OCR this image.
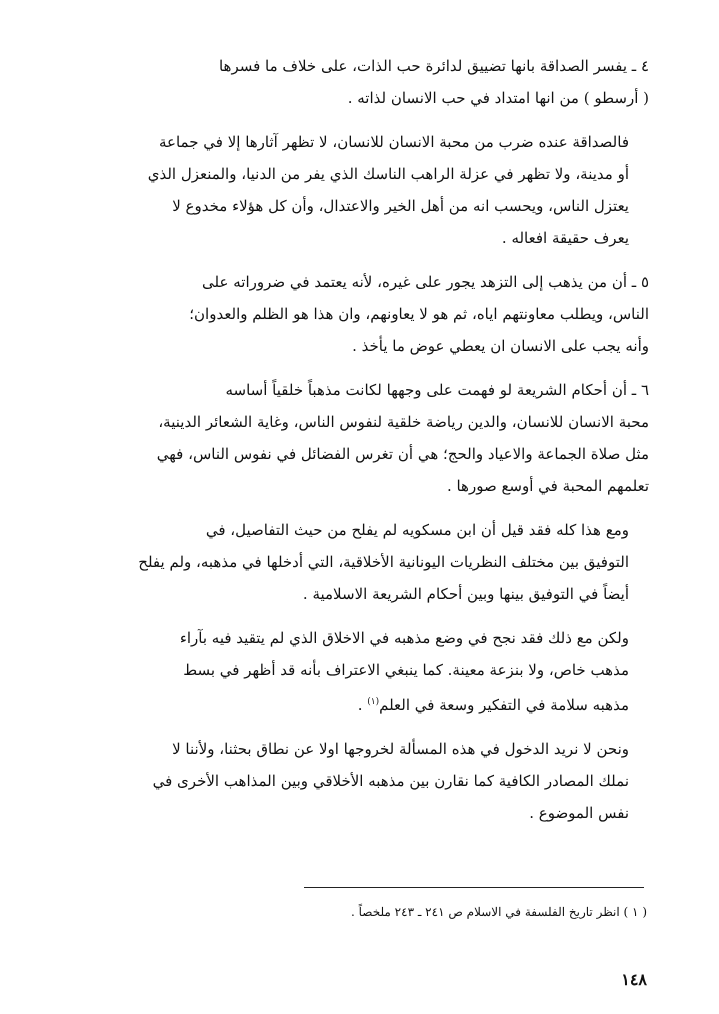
٤ ـ يفسر الصداقة بانها تضييق لدائرة حب الذات، على خلاف ما فسرها
( أرسطو ) من انها امتداد في حب الانسان لذاته .

فالصداقة عنده ضرب من محبة الانسان للانسان، لا تظهر آثارها إلا في جماعة
أو مدينة، ولا تظهر في عزلة الراهب الناسك الذي يفر من الدنيا، والمنعزل الذي
يعتزل الناس، ويحسب انه من أهل الخير والاعتدال، وأن كل هؤلاء مخدوع لا
يعرف حقيقة افعاله .

٥ ـ أن من يذهب إلى التزهد يجور على غيره، لأنه يعتمد في ضروراته على
الناس، ويطلب معاونتهم اياه، ثم هو لا يعاونهم، وان هذا هو الظلم والعدوان؛
وأنه يجب على الانسان ان يعطي عوض ما يأخذ .

٦ ـ أن أحكام الشريعة لو فهمت على وجهها لكانت مذهباً خلقياً أساسه
محبة الانسان للانسان، والدين رياضة خلقية لنفوس الناس، وغاية الشعائر الدينية،
مثل صلاة الجماعة والاعياد والحج؛ هي أن تغرس الفضائل في نفوس الناس، فهي
تعلمهم المحبة في أوسع صورها .

ومع هذا كله فقد قيل أن ابن مسكويه لم يفلح من حيث التفاصيل، في
التوفيق بين مختلف النظريات اليونانية الأخلاقية، التي أدخلها في مذهبه، ولم يفلح
أيضاً في التوفيق بينها وبين أحكام الشريعة الاسلامية .

ولكن مع ذلك فقد نجح في وضع مذهبه في الاخلاق الذي لم يتقيد فيه بآراء
مذهب خاص، ولا بنزعة معينة. كما ينبغي الاعتراف بأنه قد أظهر في بسط
مذهبه سلامة في التفكير وسعة في العلم$^{(١)}$ .

ونحن لا نريد الدخول في هذه المسألة لخروجها اولا عن نطاق بحثنا، ولأننا لا
نملك المصادر الكافية كما نقارن بين مذهبه الأخلاقي وبين المذاهب الأخرى في
نفس الموضوع .

( ١ ) انظر تاريخ الفلسفة في الاسلام ص ٢٤١ ـ ٢٤٣ ملخصاً .
١٤٨
